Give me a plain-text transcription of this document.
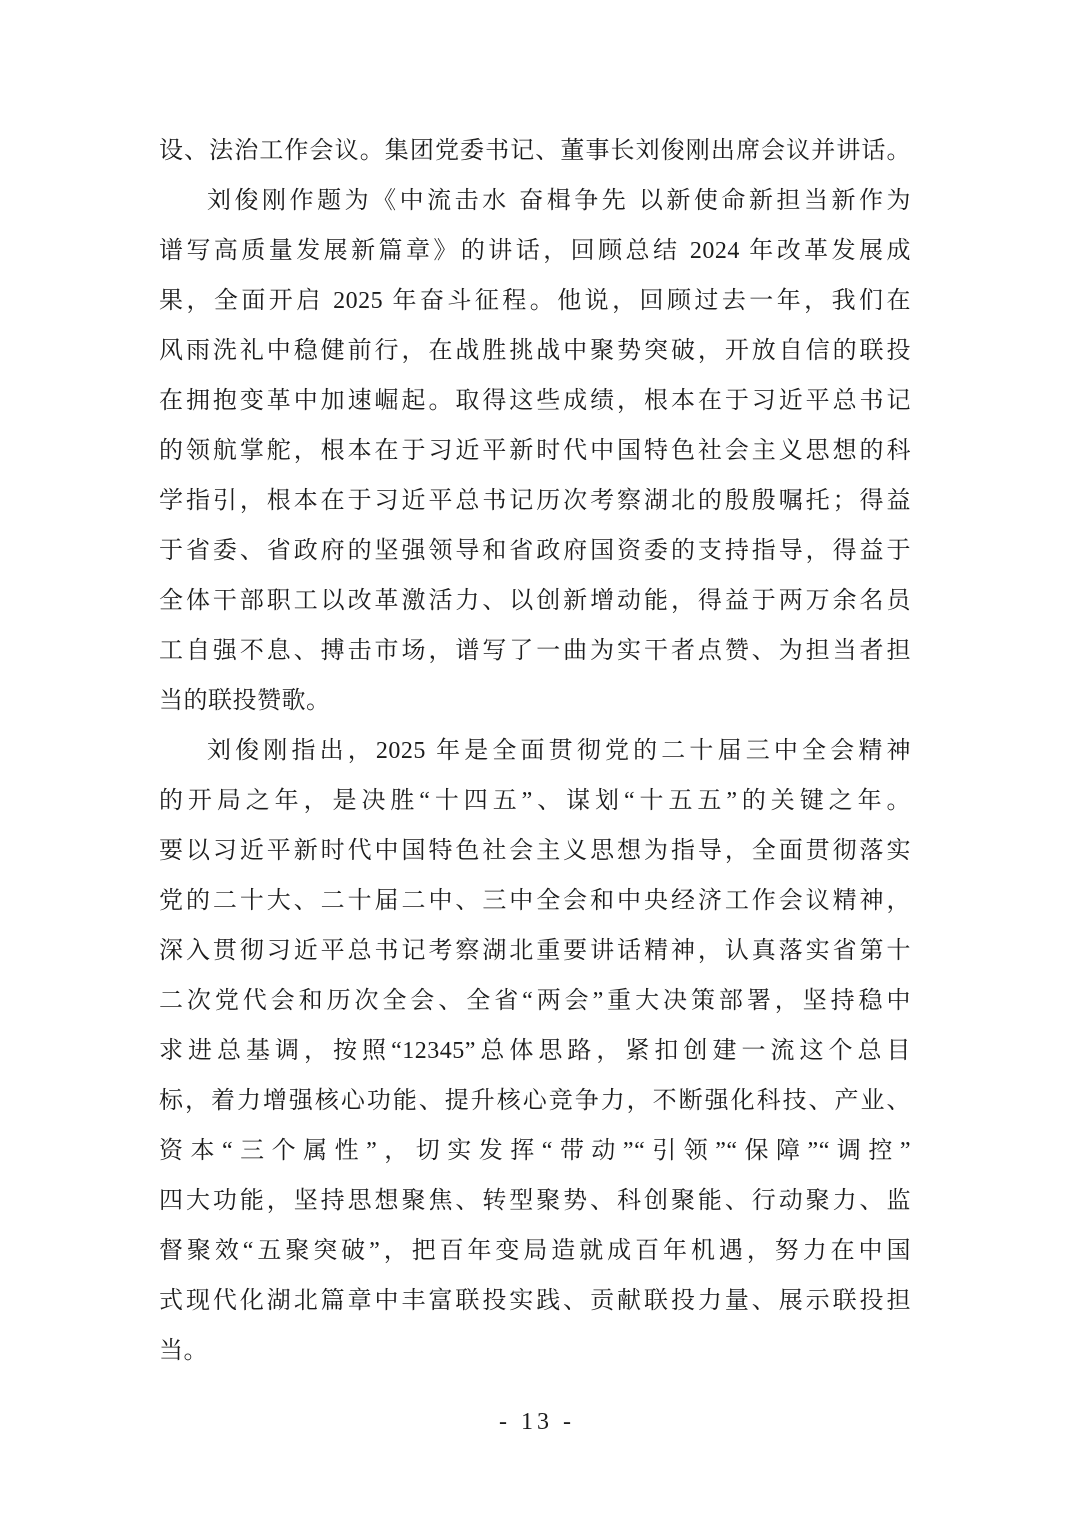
设、法治工作会议。集团党委书记、董事长刘俊刚出席会议并讲话。
刘俊刚作题为《中流击水 奋楫争先 以新使命新担当新作为
谱写高质量发展新篇章》的讲话，回顾总结 2024 年改革发展成
果，全面开启 2025 年奋斗征程。他说，回顾过去一年，我们在
风雨洗礼中稳健前行，在战胜挑战中聚势突破，开放自信的联投
在拥抱变革中加速崛起。取得这些成绩，根本在于习近平总书记
的领航掌舵，根本在于习近平新时代中国特色社会主义思想的科
学指引，根本在于习近平总书记历次考察湖北的殷殷嘱托；得益
于省委、省政府的坚强领导和省政府国资委的支持指导，得益于
全体干部职工以改革激活力、以创新增动能，得益于两万余名员
工自强不息、搏击市场，谱写了一曲为实干者点赞、为担当者担
当的联投赞歌。
刘俊刚指出，2025 年是全面贯彻党的二十届三中全会精神
的开局之年，是决胜“十四五”、谋划“十五五”的关键之年。
要以习近平新时代中国特色社会主义思想为指导，全面贯彻落实
党的二十大、二十届二中、三中全会和中央经济工作会议精神，
深入贯彻习近平总书记考察湖北重要讲话精神，认真落实省第十
二次党代会和历次全会、全省“两会”重大决策部署，坚持稳中
求进总基调，按照“12345”总体思路，紧扣创建一流这个总目
标，着力增强核心功能、提升核心竞争力，不断强化科技、产业、
资本“三个属性”，切实发挥“带动”“引领”“保障”“调控”
四大功能，坚持思想聚焦、转型聚势、科创聚能、行动聚力、监
督聚效“五聚突破”，把百年变局造就成百年机遇，努力在中国
式现代化湖北篇章中丰富联投实践、贡献联投力量、展示联投担
当。
- 13 -
